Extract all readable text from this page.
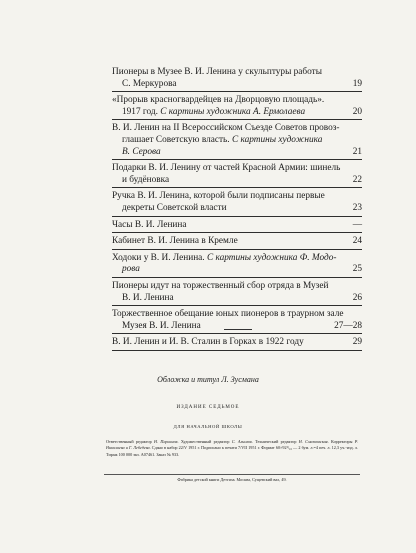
Пионеры в Музее В. И. Ленина у скульптуры работы
С. Меркурова	19
«Прорыв красногвардейцев на Дворцовую площадь».
1917 год. С картины художника А. Ермолаева	20
В. И. Ленин на II Всероссийском Съезде Советов провоз-
глашает Советскую власть. С картины художника
В. Серова	21
Подарки В. И. Ленину от частей Красной Армии: шинель
и будёновка	22
Ручка В. И. Ленина, которой были подписаны первые
декреты Советской власти	23
Часы В. И. Ленина	—
Кабинет В. И. Ленина в Кремле	24
Ходоки у В. И. Ленина. С картины художника Ф. Модо-
рова	25
Пионеры идут на торжественный сбор отряда в Музей
В. И. Ленина	26
Торжественное обещание юных пионеров в траурном зале
Музея В. И. Ленина	27—28
В. И. Ленин и И. В. Сталин в Горках в 1922 году	29
Обложка и титул Л. Зусмана
ИЗДАНИЕ СЕДЬМОЕ
ДЛЯ НАЧАЛЬНОЙ ШКОЛЫ
Ответственный редактор Н. Парсанов. Художественный редактор С. Алымов. Технический редактор Н. Смелковская. Корректоры Р. Николаева и Г. Лебедева. Сдано в набор 22/V 1951 г. Подписано к печати 7/VII 1951 г. Формат 60×92¹/₁₆ — 2 бум. л.=4 печ. л. 12,3 уч.-изд. л. Тираж 100 000 экз. А07461. Заказ № 933.
Фабрика детской книги Детгиза. Москва, Сущевский вал, 49.
